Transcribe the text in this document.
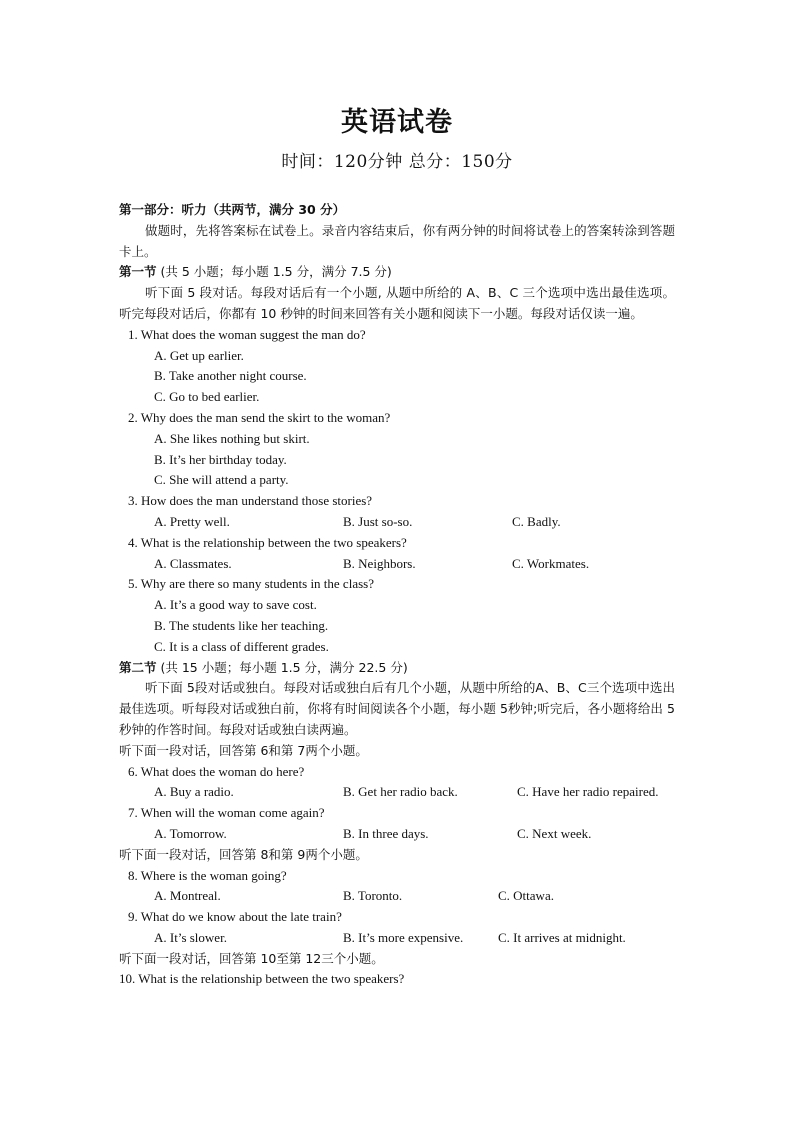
英语试卷
时间：120分钟 总分：150分
第一部分：听力（共两节，满分 30 分）
做题时，先将答案标在试卷上。录音内容结束后，你有两分钟的时间将试卷上的答案转涂到答题卡上。
第一节 (共 5 小题；每小题 1.5 分，满分 7.5 分)
听下面 5 段对话。每段对话后有一个小题, 从题中所给的 A、B、C 三个选项中选出最佳选项。听完每段对话后，你都有 10 秒钟的时间来回答有关小题和阅读下一小题。每段对话仅读一遍。
1. What does the woman suggest the man do?
A. Get up earlier.
B. Take another night course.
C. Go to bed earlier.
2. Why does the man send the skirt to the woman?
A. She likes nothing but skirt.
B. It’s her birthday today.
C. She will attend a party.
3. How does the man understand those stories?
A. Pretty well.	B. Just so-so.	C. Badly.
4. What is the relationship between the two speakers?
A. Classmates.	B. Neighbors.	C. Workmates.
5. Why are there so many students in the class?
A. It’s a good way to save cost.
B. The students like her teaching.
C. It is a class of different grades.
第二节 (共 15 小题；每小题 1.5 分，满分 22.5 分)
听下面 5段对话或独白。每段对话或独白后有几个小题，从题中所给的A、B、C三个选项中选出最佳选项。听每段对话或独白前，你将有时间阅读各个小题，每小题 5秒钟;听完后，各小题将给出 5秒钟的作答时间。每段对话或独白读两遍。
听下面一段对话，回答第 6和第 7两个小题。
6. What does the woman do here?
A. Buy a radio.	B. Get her radio back.	C. Have her radio repaired.
7. When will the woman come again?
A. Tomorrow.	B. In three days.	C. Next week.
听下面一段对话，回答第 8和第 9两个小题。
8. Where is the woman going?
A. Montreal.	B. Toronto.	C. Ottawa.
9. What do we know about the late train?
A. It’s slower.	B. It’s more expensive.	C. It arrives at midnight.
听下面一段对话，回答第 10至第 12三个小题。
10. What is the relationship between the two speakers?
